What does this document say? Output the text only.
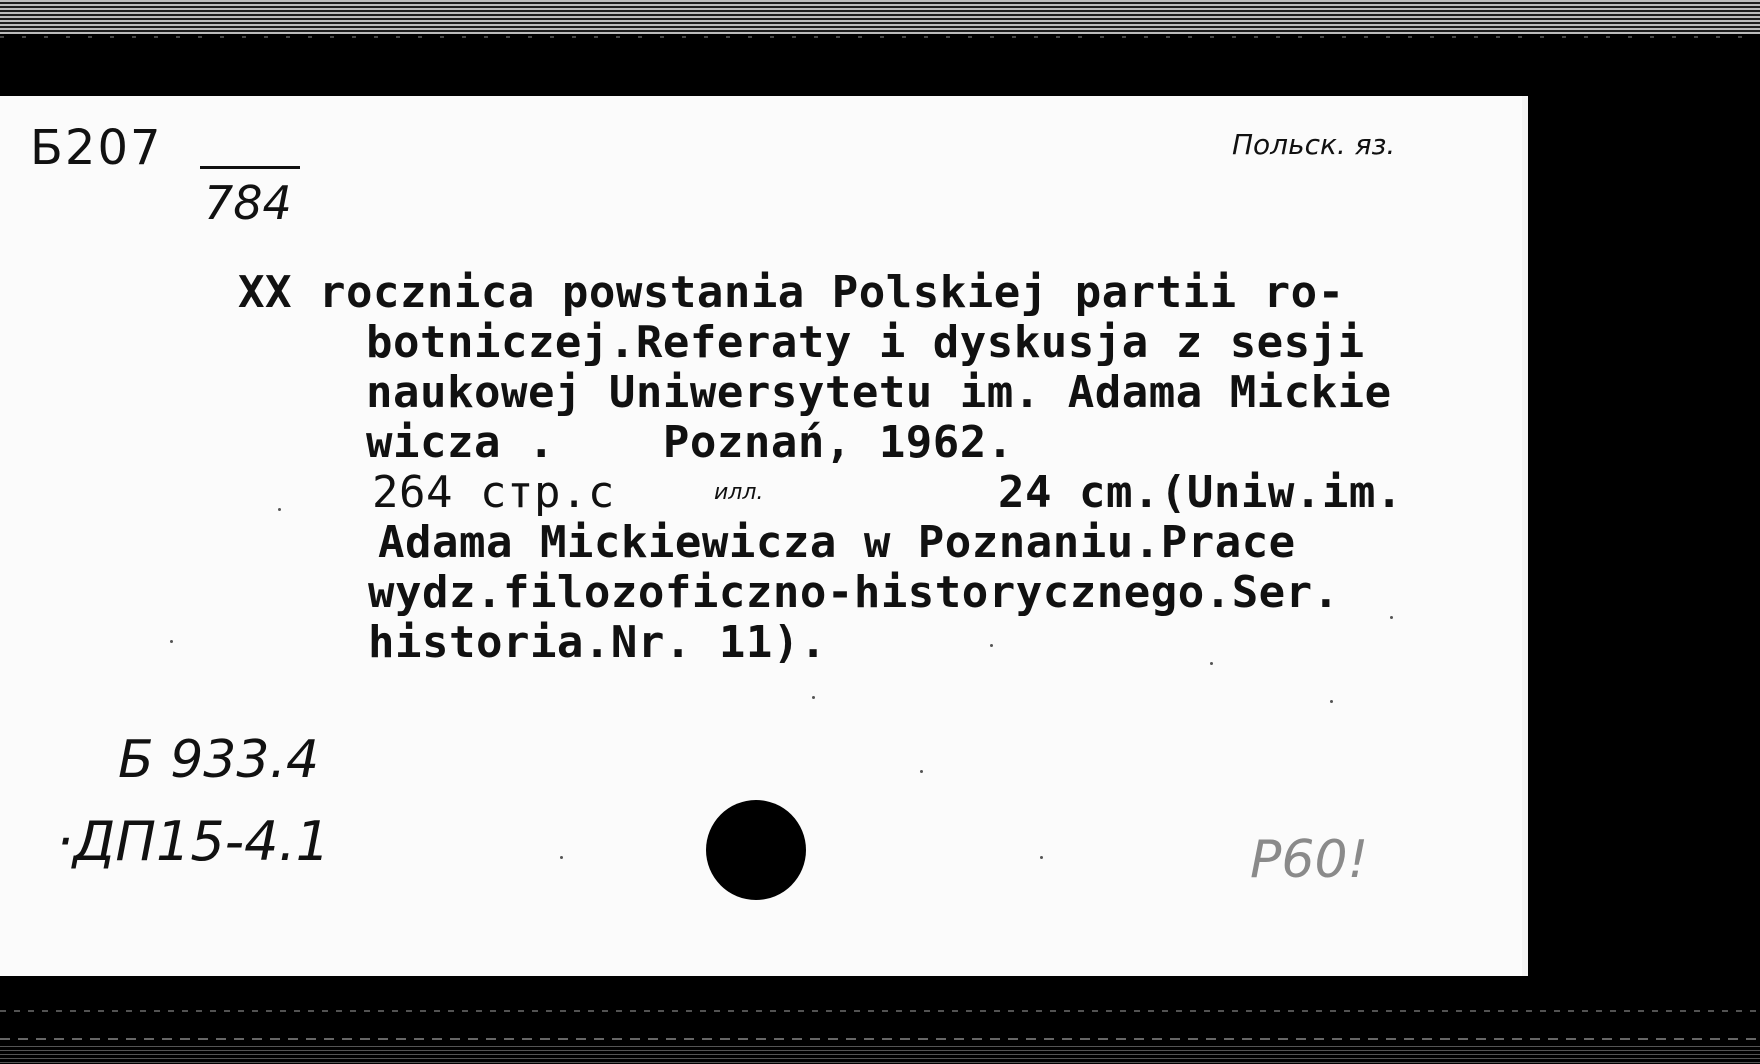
Б207
784
Польск. яз.
XX rocznica powstania Polskiej partii ro-
botniczej.Referaty i dyskusja z sesji
naukowej Uniwersytetu im. Adama Mickie
wicza .    Poznań, 1962.
264 стр.с	илл.	24 cm.(Uniw.im.
Adama Mickiewicza w Poznaniu.Prace
wydz.filozoficzno-historycznego.Ser.
historia.Nr. 11).
Б 933.4
·ДП15-4.1	Р60!
